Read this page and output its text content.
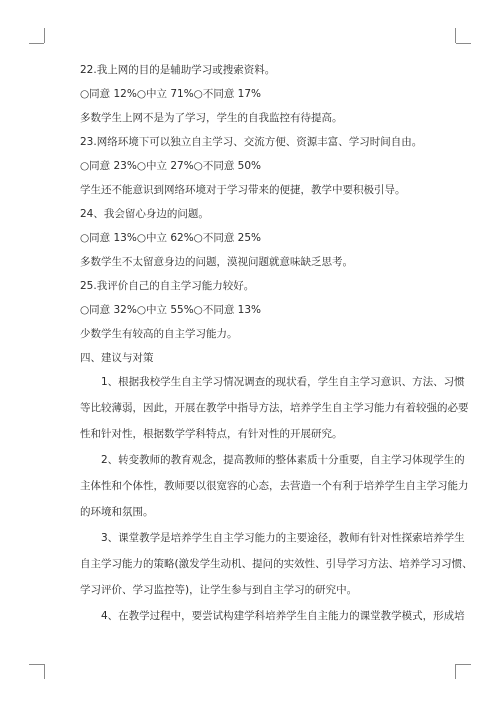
22.我上网的目的是辅助学习或搜索资料。

○同意 12%○中立 71%○不同意 17%

多数学生上网不是为了学习，学生的自我监控有待提高。

23.网络环境下可以独立自主学习、交流方便、资源丰富、学习时间自由。

○同意 23%○中立 27%○不同意 50%

学生还不能意识到网络环境对于学习带来的便捷，教学中要积极引导。

24、我会留心身边的问题。

○同意 13%○中立 62%○不同意 25%

多数学生不太留意身边的问题，漠视问题就意味缺乏思考。

25.我评价自己的自主学习能力较好。

○同意 32%○中立 55%○不同意 13%

少数学生有较高的自主学习能力。

四、建议与对策

1、根据我校学生自主学习情况调查的现状看，学生自主学习意识、方法、习惯

等比较薄弱，因此，开展在教学中指导方法，培养学生自主学习能力有着较强的必要

性和针对性，根据数学学科特点，有针对性的开展研究。

2、转变教师的教育观念，提高教师的整体素质十分重要，自主学习体现学生的

主体性和个体性，教师要以很宽容的心态，去营造一个有利于培养学生自主学习能力

的环境和氛围。

3、课堂教学是培养学生自主学习能力的主要途径，教师有针对性探索培养学生

自主学习能力的策略(激发学生动机、提问的实效性、引导学习方法、培养学习习惯、

学习评价、学习监控等)，让学生参与到自主学习的研究中。

4、在教学过程中，要尝试构建学科培养学生自主能力的课堂教学模式，形成培
